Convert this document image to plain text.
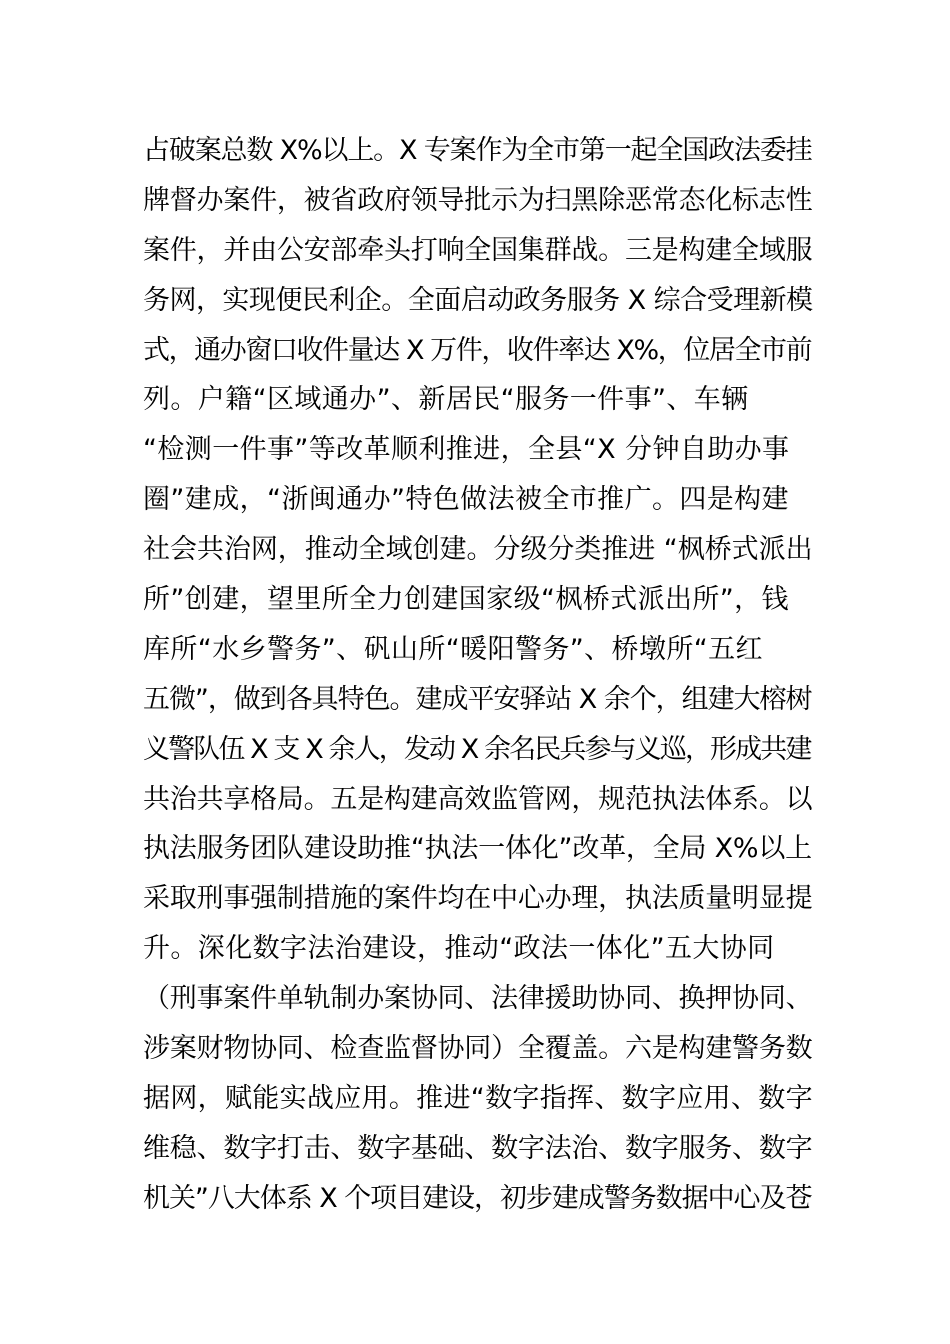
占破案总数 X%以上。X 专案作为全市第一起全国政法委挂
牌督办案件，被省政府领导批示为扫黑除恶常态化标志性
案件，并由公安部牵头打响全国集群战。三是构建全域服
务网，实现便民利企。全面启动政务服务 X 综合受理新模
式，通办窗口收件量达 X 万件，收件率达 X%，位居全市前
列。户籍“区域通办”、新居民“服务一件事”、车辆
“检测一件事”等改革顺利推进，全县“X 分钟自助办事
圈”建成，“浙闽通办”特色做法被全市推广。四是构建
社会共治网，推动全域创建。分级分类推进 “枫桥式派出
所”创建，望里所全力创建国家级“枫桥式派出所”，钱
库所“水乡警务”、矾山所“暖阳警务”、桥墩所“五红
五微”，做到各具特色。建成平安驿站 X 余个，组建大榕树
义警队伍 X 支 X 余人，发动 X 余名民兵参与义巡，形成共建
共治共享格局。五是构建高效监管网，规范执法体系。以
执法服务团队建设助推“执法一体化”改革，全局 X%以上
采取刑事强制措施的案件均在中心办理，执法质量明显提
升。深化数字法治建设，推动“政法一体化”五大协同
（刑事案件单轨制办案协同、法律援助协同、换押协同、
涉案财物协同、检查监督协同）全覆盖。六是构建警务数
据网，赋能实战应用。推进“数字指挥、数字应用、数字
维稳、数字打击、数字基础、数字法治、数字服务、数字
机关”八大体系 X 个项目建设，初步建成警务数据中心及苍
